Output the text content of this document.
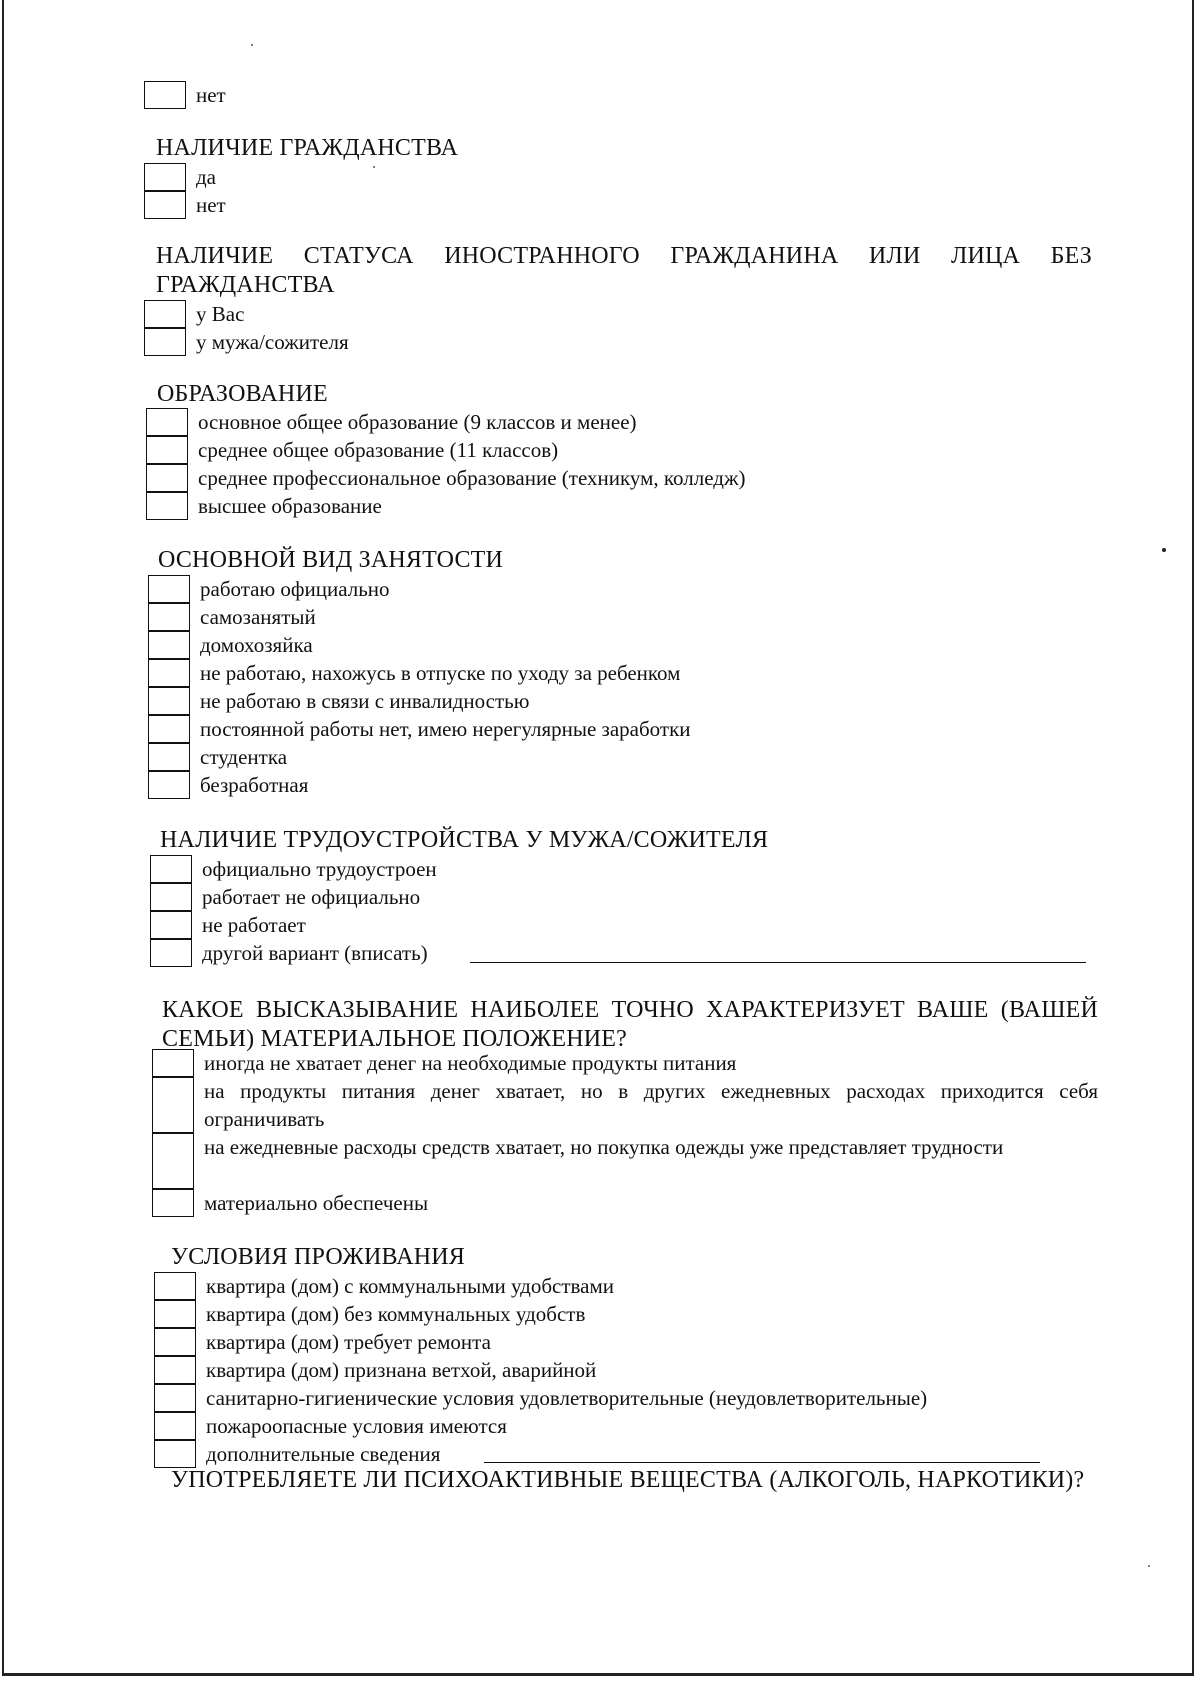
нет
НАЛИЧИЕ ГРАЖДАНСТВА
да
нет
НАЛИЧИЕ СТАТУСА ИНОСТРАННОГО ГРАЖДАНИНА ИЛИ ЛИЦА БЕЗ ГРАЖДАНСТВА
у Вас
у мужа/сожителя
ОБРАЗОВАНИЕ
основное общее образование (9 классов и менее)
среднее общее образование (11 классов)
среднее профессиональное образование (техникум, колледж)
высшее образование
ОСНОВНОЙ ВИД ЗАНЯТОСТИ
работаю официально
самозанятый
домохозяйка
не работаю, нахожусь в отпуске по уходу за ребенком
не работаю в связи с инвалидностью
постоянной работы нет, имею нерегулярные заработки
студентка
безработная
НАЛИЧИЕ ТРУДОУСТРОЙСТВА У МУЖА/СОЖИТЕЛЯ
официально трудоустроен
работает не официально
не работает
другой вариант (вписать)
КАКОЕ ВЫСКАЗЫВАНИЕ НАИБОЛЕЕ ТОЧНО ХАРАКТЕРИЗУЕТ ВАШЕ (ВАШЕЙ СЕМЬИ) МАТЕРИАЛЬНОЕ ПОЛОЖЕНИЕ?
иногда не хватает денег на необходимые продукты питания
на продукты питания денег хватает, но в других ежедневных расходах приходится себя ограничивать
на ежедневные расходы средств хватает, но покупка одежды уже представляет трудности
материально обеспечены
УСЛОВИЯ ПРОЖИВАНИЯ
квартира (дом) с коммунальными удобствами
квартира (дом) без коммунальных удобств
квартира (дом) требует ремонта
квартира (дом) признана ветхой, аварийной
санитарно-гигиенические условия удовлетворительные (неудовлетворительные)
пожароопасные условия имеются
дополнительные сведения
УПОТРЕБЛЯЕТЕ ЛИ ПСИХОАКТИВНЫЕ ВЕЩЕСТВА (АЛКОГОЛЬ, НАРКОТИКИ)?
